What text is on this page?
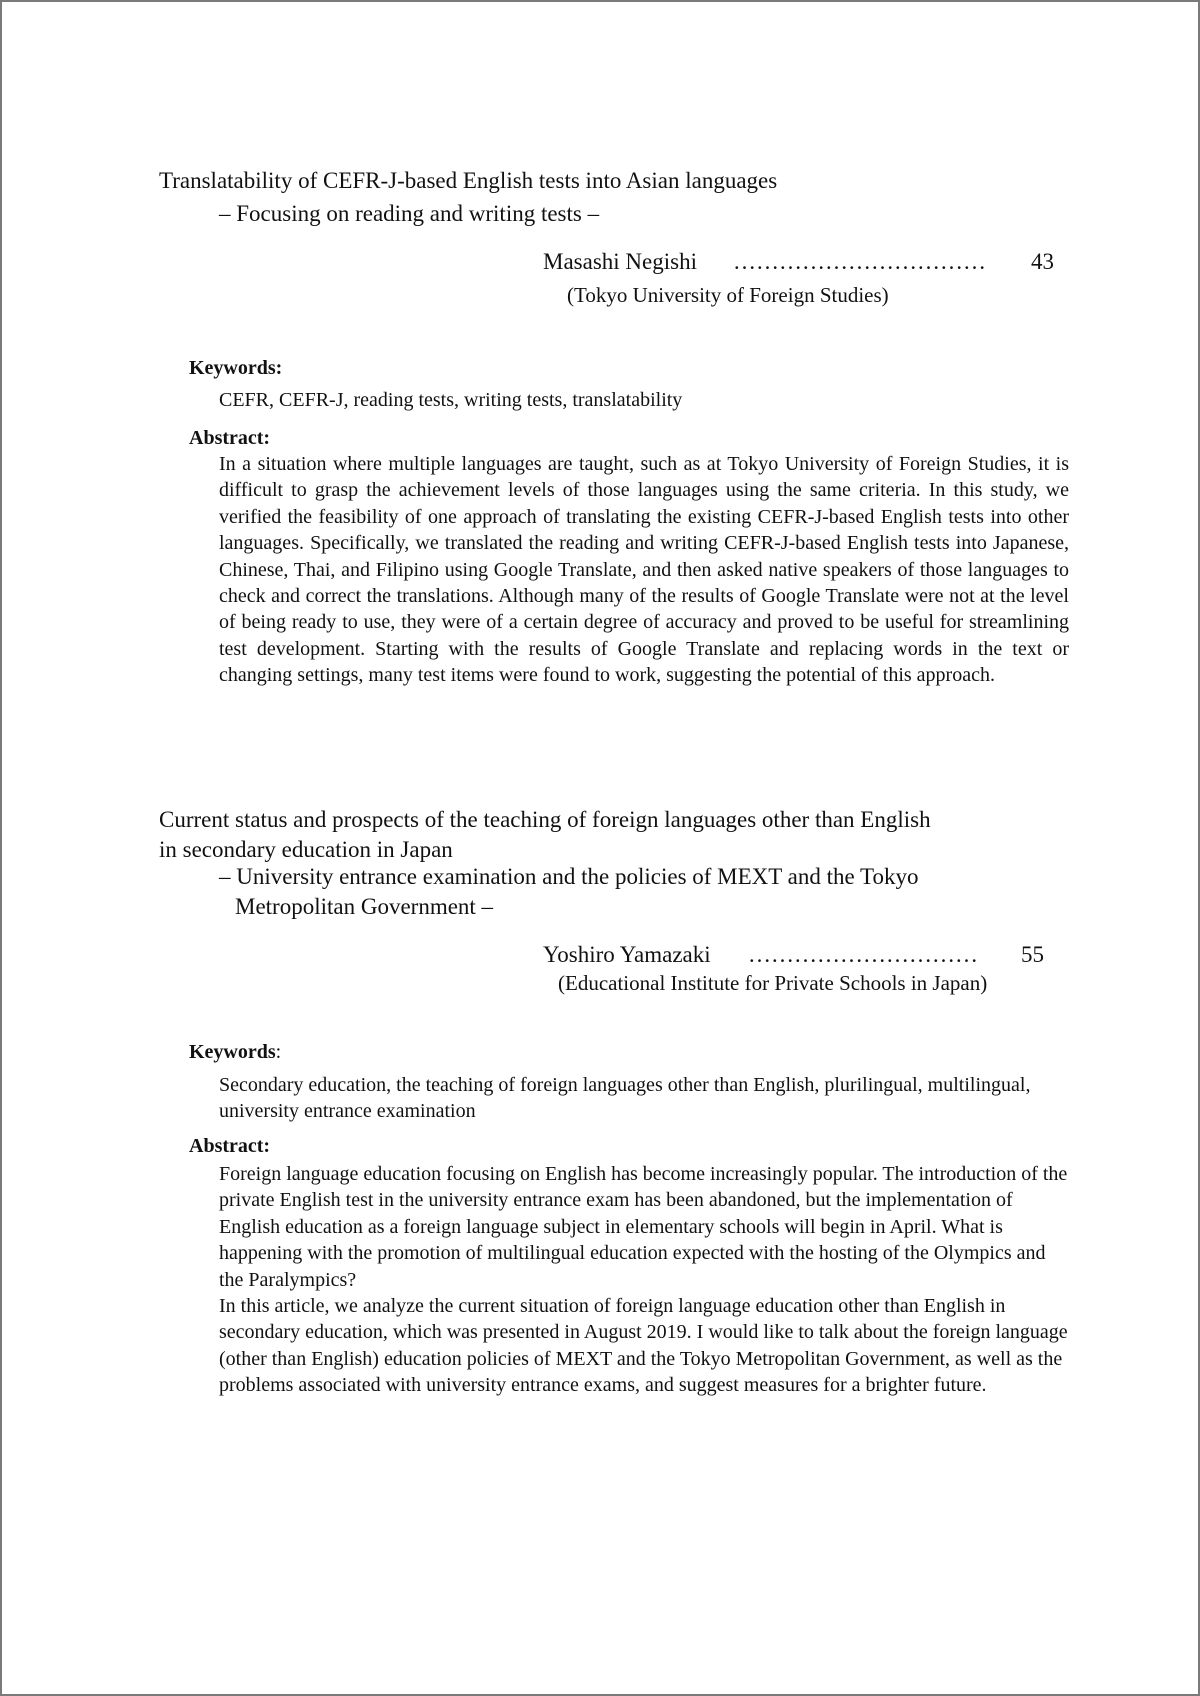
Translatability of CEFR-J-based English tests into Asian languages
– Focusing on reading and writing tests –
Masashi Negishi …………………………… 43
(Tokyo University of Foreign Studies)
Keywords:
CEFR, CEFR-J, reading tests, writing tests, translatability
Abstract:

In a situation where multiple languages are taught, such as at Tokyo University of Foreign Studies, it is difficult to grasp the achievement levels of those languages using the same criteria. In this study, we verified the feasibility of one approach of translating the existing CEFR-J-based English tests into other languages. Specifically, we translated the reading and writing CEFR-J-based English tests into Japanese, Chinese, Thai, and Filipino using Google Translate, and then asked native speakers of those languages to check and correct the translations. Although many of the results of Google Translate were not at the level of being ready to use, they were of a certain degree of accuracy and proved to be useful for streamlining test development. Starting with the results of Google Translate and replacing words in the text or changing settings, many test items were found to work, suggesting the potential of this approach.

Current status and prospects of the teaching of foreign languages other than English
in secondary education in Japan
– University entrance examination and the policies of MEXT and the Tokyo
Metropolitan Government –
Yoshiro Yamazaki ………………………… 55
(Educational Institute for Private Schools in Japan)
Keywords:
Secondary education, the teaching of foreign languages other than English, plurilingual, multilingual, university entrance examination
Abstract:

Foreign language education focusing on English has become increasingly popular. The introduction of the private English test in the university entrance exam has been abandoned, but the implementation of English education as a foreign language subject in elementary schools will begin in April. What is happening with the promotion of multilingual education expected with the hosting of the Olympics and the Paralympics?

In this article, we analyze the current situation of foreign language education other than English in secondary education, which was presented in August 2019. I would like to talk about the foreign language (other than English) education policies of MEXT and the Tokyo Metropolitan Government, as well as the problems associated with university entrance exams, and suggest measures for a brighter future.
